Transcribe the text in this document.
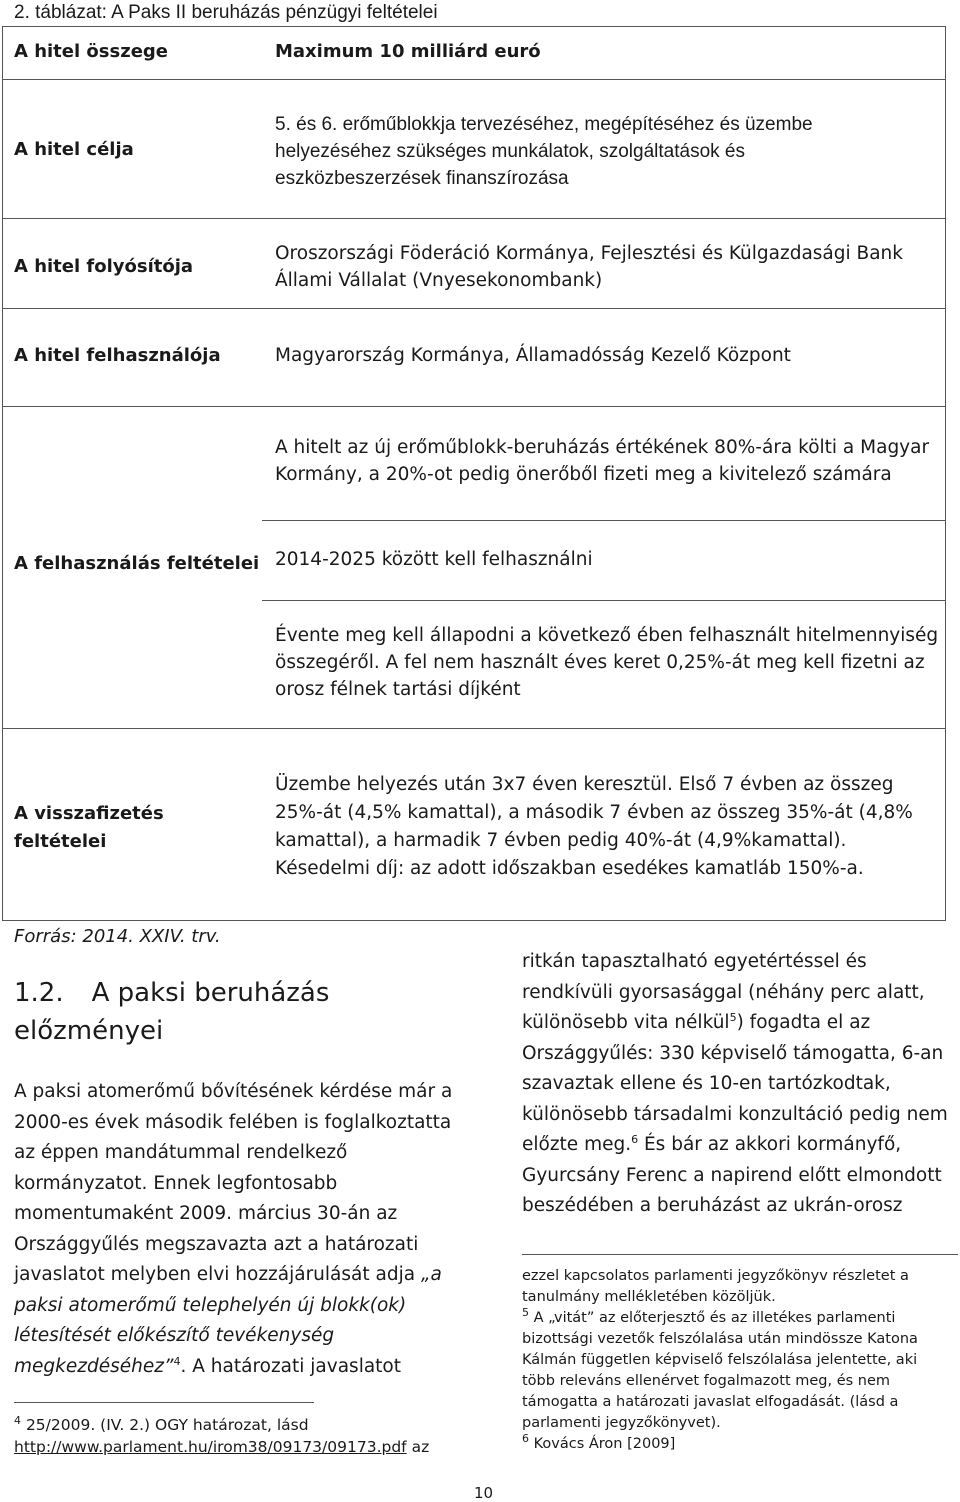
2. táblázat: A Paks II beruházás pénzügyi feltételei
A hitel összege	Maximum 10 milliárd euró
A hitel célja
5. és 6. erőműblokkja tervezéséhez, megépítéséhez és üzembe helyezéséhez szükséges munkálatok, szolgáltatások és eszközbeszerzések finanszírozása
A hitel folyósítója
Oroszországi Föderáció Kormánya, Fejlesztési és Külgazdasági Bank Állami Vállalat (Vnyesekonombank)
A hitel felhasználója	Magyarország Kormánya, Államadósság Kezelő Központ
A felhasználás feltételei
A hitelt az új erőműblokk-beruházás értékének 80%-ára költi a Magyar Kormány, a 20%-ot pedig önerőből fizeti meg a kivitelező számára
2014-2025 között kell felhasználni
Évente meg kell állapodni a következő ében felhasznált hitelmennyiség összegéről. A fel nem használt éves keret 0,25%-át meg kell fizetni az orosz félnek tartási díjként
A visszafizetés feltételei
Üzembe helyezés után 3x7 éven keresztül. Első 7 évben az összeg 25%-át (4,5% kamattal), a második 7 évben az összeg 35%-át (4,8% kamattal), a harmadik 7 évben pedig 40%-át (4,9%kamattal). Késedelmi díj: az adott időszakban esedékes kamatláb 150%-a.
Forrás: 2014. XXIV. trv.
1.2. A paksi beruházás előzményei
A paksi atomerőmű bővítésének kérdése már a 2000-es évek második felében is foglalkoztatta az éppen mandátummal rendelkező kormányzatot. Ennek legfontosabb momentumaként 2009. március 30-án az Országgyűlés megszavazta azt a határozati javaslatot melyben elvi hozzájárulását adja „a paksi atomerőmű telephelyén új blokk(ok) létesítését előkészítő tevékenység megkezdéséhez”$^4$. A határozati javaslatot
$^4$ 25/2009. (IV. 2.) OGY határozat, lásd
http://www.parlament.hu/irom38/09173/09173.pdf az
ritkán tapasztalható egyetértéssel és rendkívüli gyorsasággal (néhány perc alatt, különösebb vita nélkül$^5$) fogadta el az Országgyűlés: 330 képviselő támogatta, 6-an szavaztak ellene és 10-en tartózkodtak, különösebb társadalmi konzultáció pedig nem előzte meg.$^6$ És bár az akkori kormányfő, Gyurcsány Ferenc a napirend előtt elmondott beszédében a beruházást az ukrán-orosz
ezzel kapcsolatos parlamenti jegyzőkönyv részletet a tanulmány mellékletében közöljük.
$^5$ A „vitát” az előterjesztő és az illetékes parlamenti bizottsági vezetők felszólalása után mindössze Katona Kálmán független képviselő felszólalása jelentette, aki több releváns ellenérvet fogalmazott meg, és nem támogatta a határozati javaslat elfogadását. (lásd a parlamenti jegyzőkönyvet).
$^6$ Kovács Áron [2009]
10
